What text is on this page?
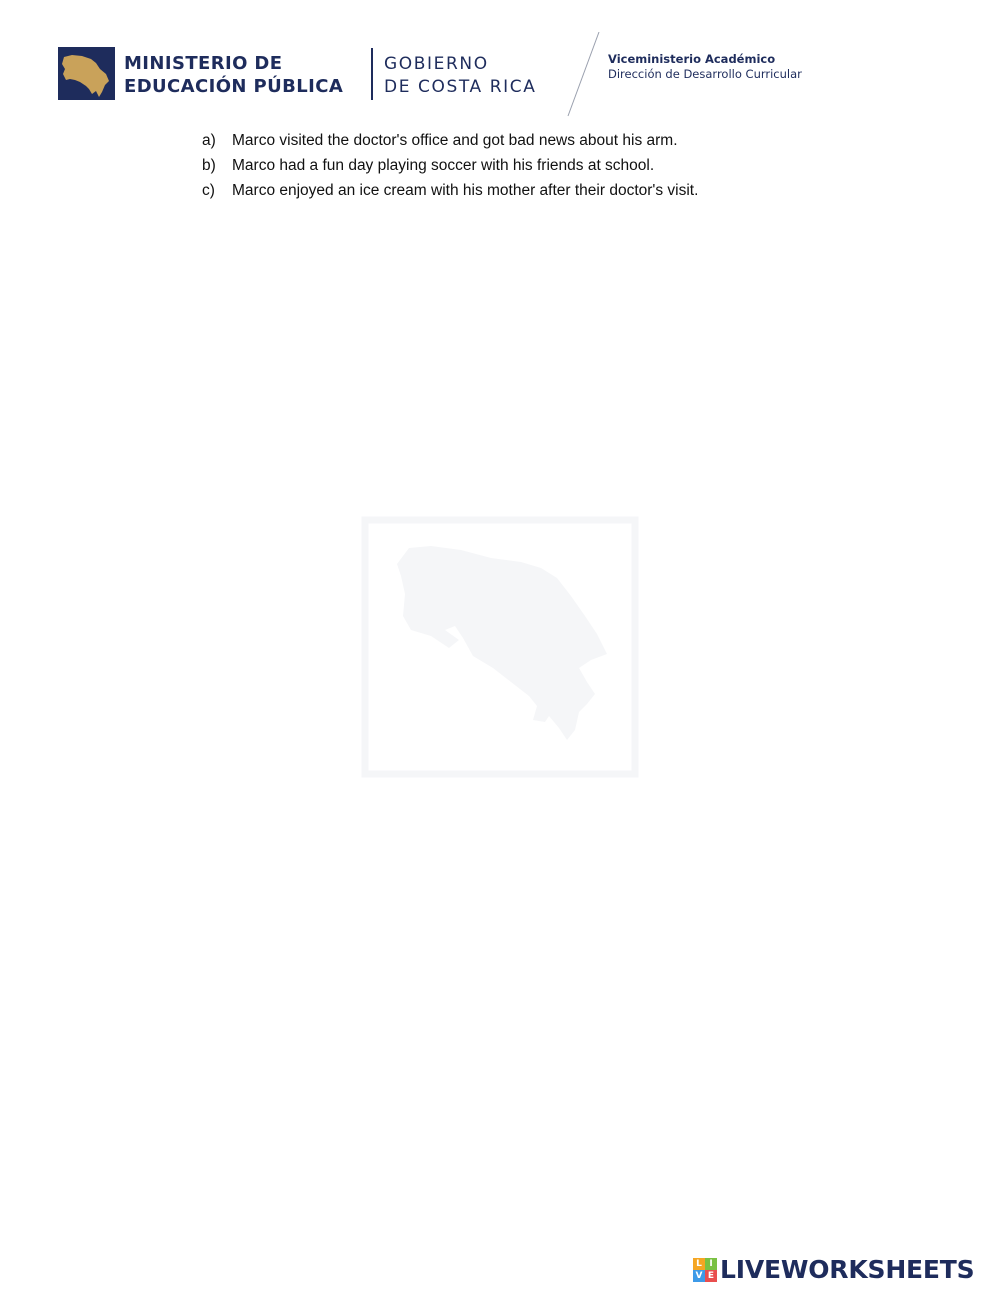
MINISTERIO DE
EDUCACIÓN PÚBLICA
GOBIERNO
DE COSTA RICA
Viceministerio Académico
Dirección de Desarrollo Curricular
a) Marco visited the doctor's office and got bad news about his arm.
b) Marco had a fun day playing soccer with his friends at school.
c) Marco enjoyed an ice cream with his mother after their doctor's visit.
L I
V E LIVEWORKSHEETS
